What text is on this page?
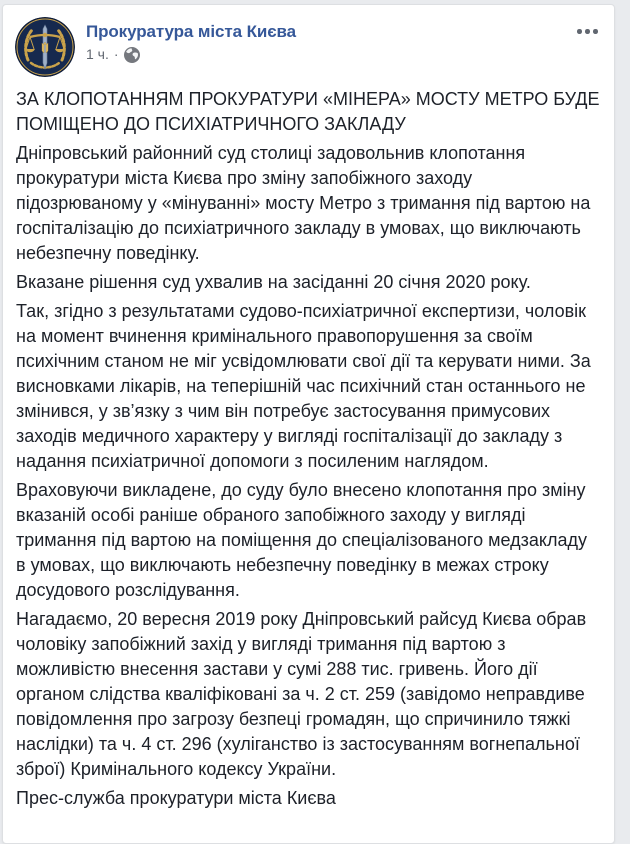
Прокуратура міста Києва
1 ч. ·

ЗА КЛОПОТАННЯМ ПРОКУРАТУРИ «МІНЕРА» МОСТУ МЕТРО БУДЕ ПОМІЩЕНО ДО ПСИХІАТРИЧНОГО ЗАКЛАДУ

Дніпровський районний суд столиці задовольнив клопотання прокуратури міста Києва про зміну запобіжного заходу підозрюваному у «мінуванні» мосту Метро з тримання під вартою на госпіталізацію до психіатричного закладу в умовах, що виключають небезпечну поведінку.

Вказане рішення суд ухвалив на засіданні 20 січня 2020 року.

Так, згідно з результатами судово-психіатричної експертизи, чоловік на момент вчинення кримінального правопорушення за своїм психічним станом не міг усвідомлювати свої дії та керувати ними. За висновками лікарів, на теперішній час психічний стан останнього не змінився, у зв’язку з чим він потребує застосування примусових заходів медичного характеру у вигляді госпіталізації до закладу з надання психіатричної допомоги з посиленим наглядом.

Враховуючи викладене, до суду було внесено клопотання про зміну вказаній особі раніше обраного запобіжного заходу у вигляді тримання під вартою на поміщення до спеціалізованого медзакладу в умовах, що виключають небезпечну поведінку в межах строку досудового розслідування.

Нагадаємо, 20 вересня 2019 року Дніпровський райсуд Києва обрав чоловіку запобіжний захід у вигляді тримання під вартою з можливістю внесення застави у сумі 288 тис. гривень. Його дії органом слідства кваліфіковані за ч. 2 ст. 259 (завідомо неправдиве повідомлення про загрозу безпеці громадян, що спричинило тяжкі наслідки) та ч. 4 ст. 296 (хуліганство із застосуванням вогнепальної зброї) Кримінального кодексу України.

Прес-служба прокуратури міста Києва
